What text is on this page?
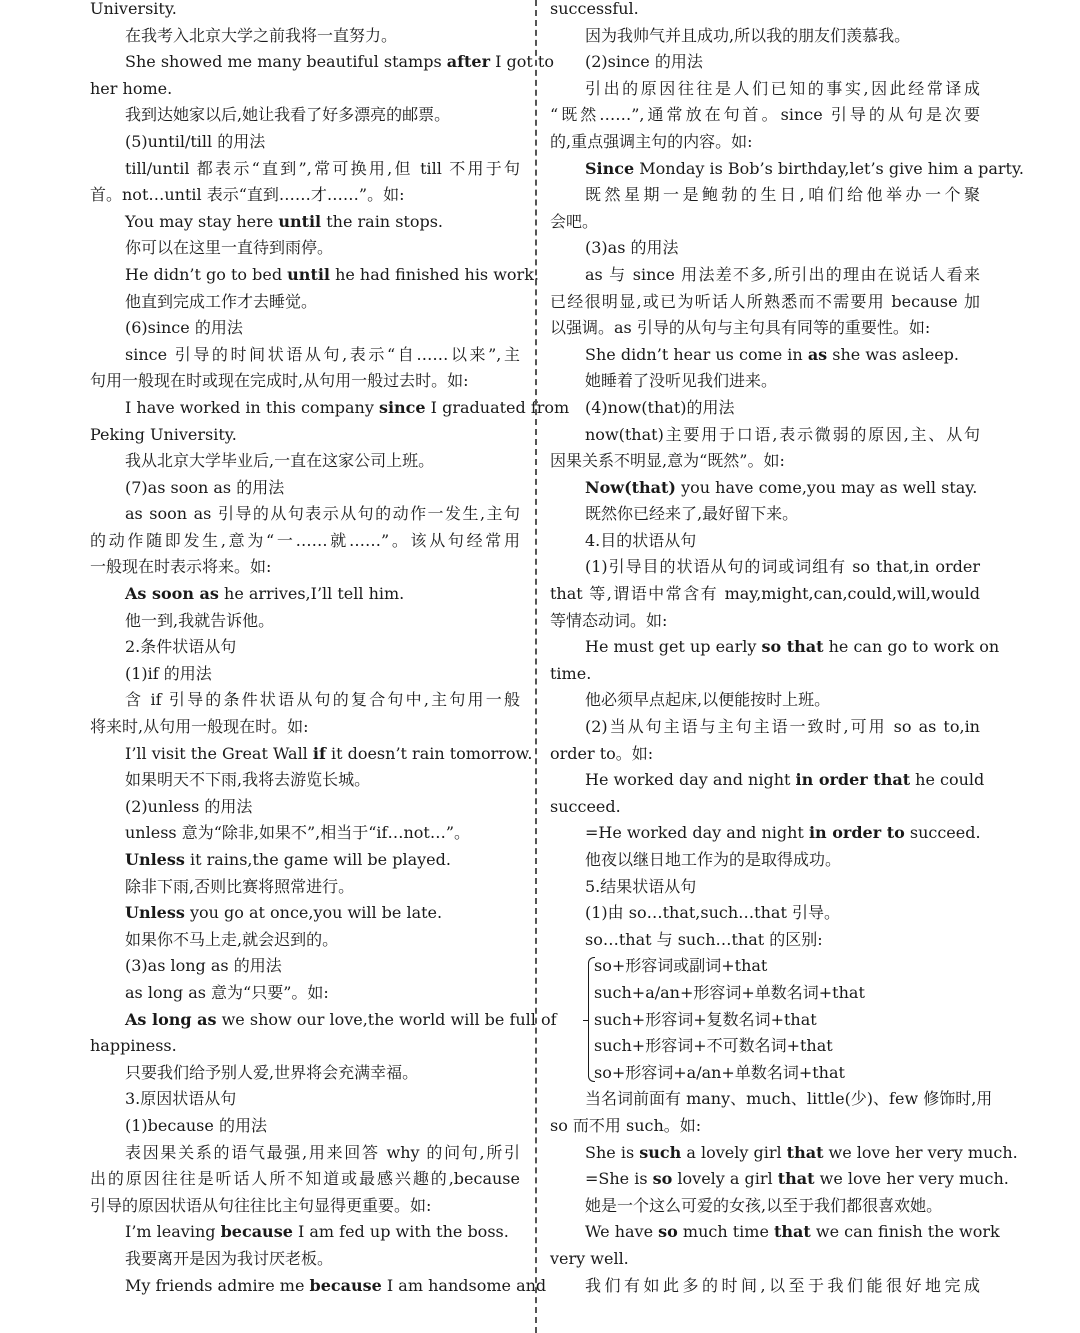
University.
在我考入北京大学之前我将一直努力。
She showed me many beautiful stamps after I got to
her home.
我到达她家以后,她让我看了好多漂亮的邮票。
(5)until/till 的用法
till/until 都表示“直到”,常可换用,但 till 不用于句
首。not…until 表示“直到……才……”。如:
You may stay here until the rain stops.
你可以在这里一直待到雨停。
He didn’t go to bed until he had finished his work.
他直到完成工作才去睡觉。
(6)since 的用法
since 引导的时间状语从句,表示“自……以来”,主
句用一般现在时或现在完成时,从句用一般过去时。如:
I have worked in this company since I graduated from
Peking University.
我从北京大学毕业后,一直在这家公司上班。
(7)as soon as 的用法
as soon as 引导的从句表示从句的动作一发生,主句
的动作随即发生,意为“一……就……”。该从句经常用
一般现在时表示将来。如:
As soon as he arrives,I’ll tell him.
他一到,我就告诉他。
2.条件状语从句
(1)if 的用法
含 if 引导的条件状语从句的复合句中,主句用一般
将来时,从句用一般现在时。如:
I’ll visit the Great Wall if it doesn’t rain tomorrow.
如果明天不下雨,我将去游览长城。
(2)unless 的用法
unless 意为“除非,如果不”,相当于“if…not…”。
Unless it rains,the game will be played.
除非下雨,否则比赛将照常进行。
Unless you go at once,you will be late.
如果你不马上走,就会迟到的。
(3)as long as 的用法
as long as 意为“只要”。如:
As long as we show our love,the world will be full of
happiness.
只要我们给予别人爱,世界将会充满幸福。
3.原因状语从句
(1)because 的用法
表因果关系的语气最强,用来回答 why 的问句,所引
出的原因往往是听话人所不知道或最感兴趣的,because
引导的原因状语从句往往比主句显得更重要。如:
I’m leaving because I am fed up with the boss.
我要离开是因为我讨厌老板。
My friends admire me because I am handsome and
successful.
因为我帅气并且成功,所以我的朋友们羡慕我。
(2)since 的用法
引出的原因往往是人们已知的事实,因此经常译成
“既然……”,通常放在句首。since 引导的从句是次要
的,重点强调主句的内容。如:
Since Monday is Bob’s birthday,let’s give him a party.
既然星期一是鲍勃的生日,咱们给他举办一个聚
会吧。
(3)as 的用法
as 与 since 用法差不多,所引出的理由在说话人看来
已经很明显,或已为听话人所熟悉而不需要用 because 加
以强调。as 引导的从句与主句具有同等的重要性。如:
She didn’t hear us come in as she was asleep.
她睡着了没听见我们进来。
(4)now(that)的用法
now(that)主要用于口语,表示微弱的原因,主、从句
因果关系不明显,意为“既然”。如:
Now(that) you have come,you may as well stay.
既然你已经来了,最好留下来。
4.目的状语从句
(1)引导目的状语从句的词或词组有 so that,in order
that 等,谓语中常含有 may,might,can,could,will,would
等情态动词。如:
He must get up early so that he can go to work on
time.
他必须早点起床,以便能按时上班。
(2)当从句主语与主句主语一致时,可用 so as to,in
order to。如:
He worked day and night in order that he could
succeed.
=He worked day and night in order to succeed.
他夜以继日地工作为的是取得成功。
5.结果状语从句
(1)由 so…that,such…that 引导。
so…that 与 such…that 的区别:
so+形容词或副词+that
such+a/an+形容词+单数名词+that
such+形容词+复数名词+that
such+形容词+不可数名词+that
so+形容词+a/an+单数名词+that
当名词前面有 many、much、little(少)、few 修饰时,用
so 而不用 such。如:
She is such a lovely girl that we love her very much.
=She is so lovely a girl that we love her very much.
她是一个这么可爱的女孩,以至于我们都很喜欢她。
We have so much time that we can finish the work
very well.
我们有如此多的时间,以至于我们能很好地完成
